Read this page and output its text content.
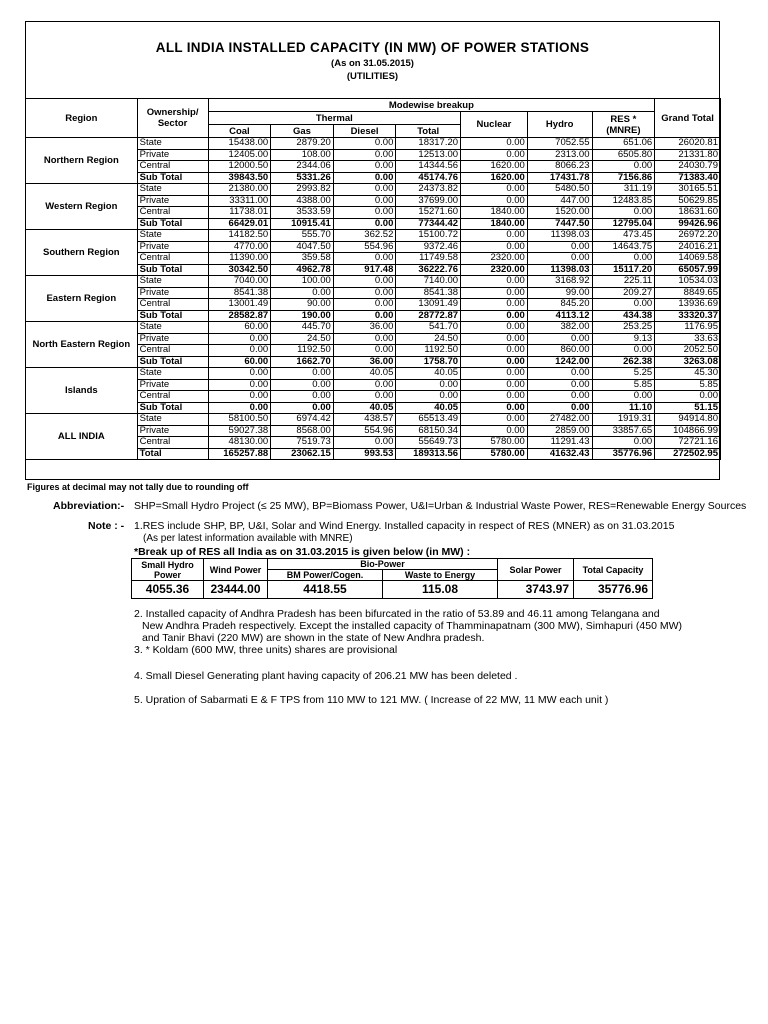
ALL INDIA INSTALLED CAPACITY (IN MW) OF POWER STATIONS
(As on 31.05.2015)
(UTILITIES)
Region	Ownership/ Sector	Modewise breakup							Grand Total
		Thermal				Nuclear	Hydro	RES *
(MNRE)	

		Coal	Gas	Diesel	Total				
Northern Region	State	15438.00	2879.20	0.00	18317.20	0.00	7052.55	651.06	26020.81
	Private	12405.00	108.00	0.00	12513.00	0.00	2313.00	6505.80	21331.80
	Central	12000.50	2344.06	0.00	14344.56	1620.00	8066.23	0.00	24030.79
	Sub Total	39843.50	5331.26	0.00	45174.76	1620.00	17431.78	7156.86	71383.40
Western Region	State	21380.00	2993.82	0.00	24373.82	0.00	5480.50	311.19	30165.51
	Private	33311.00	4388.00	0.00	37699.00	0.00	447.00	12483.85	50629.85
	Central	11738.01	3533.59	0.00	15271.60	1840.00	1520.00	0.00	18631.60
	Sub Total	66429.01	10915.41	0.00	77344.42	1840.00	7447.50	12795.04	99426.96
Southern Region	State	14182.50	555.70	362.52	15100.72	0.00	11398.03	473.45	26972.20
	Private	4770.00	4047.50	554.96	9372.46	0.00	0.00	14643.75	24016.21
	Central	11390.00	359.58	0.00	11749.58	2320.00	0.00	0.00	14069.58
	Sub Total	30342.50	4962.78	917.48	36222.76	2320.00	11398.03	15117.20	65057.99
Eastern Region	State	7040.00	100.00	0.00	7140.00	0.00	3168.92	225.11	10534.03
	Private	8541.38	0.00	0.00	8541.38	0.00	99.00	209.27	8849.65
	Central	13001.49	90.00	0.00	13091.49	0.00	845.20	0.00	13936.69
	Sub Total	28582.87	190.00	0.00	28772.87	0.00	4113.12	434.38	33320.37
North Eastern Region	State	60.00	445.70	36.00	541.70	0.00	382.00	253.25	1176.95
	Private	0.00	24.50	0.00	24.50	0.00	0.00	9.13	33.63
	Central	0.00	1192.50	0.00	1192.50	0.00	860.00	0.00	2052.50
	Sub Total	60.00	1662.70	36.00	1758.70	0.00	1242.00	262.38	3263.08
Islands	State	0.00	0.00	40.05	40.05	0.00	0.00	5.25	45.30
	Private	0.00	0.00	0.00	0.00	0.00	0.00	5.85	5.85
	Central	0.00	0.00	0.00	0.00	0.00	0.00	0.00	0.00
	Sub Total	0.00	0.00	40.05	40.05	0.00	0.00	11.10	51.15
ALL INDIA	State	58100.50	6974.42	438.57	65513.49	0.00	27482.00	1919.31	94914.80
	Private	59027.38	8568.00	554.96	68150.34	0.00	2859.00	33857.65	104866.99
	Central	48130.00	7519.73	0.00	55649.73	5780.00	11291.43	0.00	72721.16
	Total	165257.88	23062.15	993.53	189313.56	5780.00	41632.43	35776.96	272502.95
Figures at decimal may not tally due to rounding off
Abbreviation:- SHP=Small Hydro Project (≤ 25 MW), BP=Biomass Power, U&I=Urban & Industrial Waste Power, RES=Renewable Energy Sources
Note : - 1.RES include SHP, BP, U&I, Solar and Wind Energy. Installed capacity in respect of RES (MNER) as on 31.03.2015
(As per latest information available with MNRE)
*Break up of RES all India as on 31.03.2015 is given below (in MW) :
Small Hydro Power	Wind Power	Bio-Power		Solar Power	Total Capacity
		BM Power/Cogen.	Waste to Energy		
4055.36	23444.00	4418.55	115.08	3743.97	35776.96
2. Installed capacity of Andhra Pradesh has been bifurcated in the ratio of 53.89 and 46.11 among Telangana and
New Andhra Pradeh respectively. Except the installed capacity of Thamminapatnam (300 MW), Simhapuri (450 MW)
and Tanir Bhavi (220 MW) are shown in the state of New Andhra pradesh.
3. * Koldam (600 MW, three units) shares are provisional
4. Small Diesel Generating plant having capacity of 206.21 MW has been deleted .
5. Upration of Sabarmati E & F TPS from 110 MW to 121 MW. ( Increase of 22 MW, 11 MW each unit )
